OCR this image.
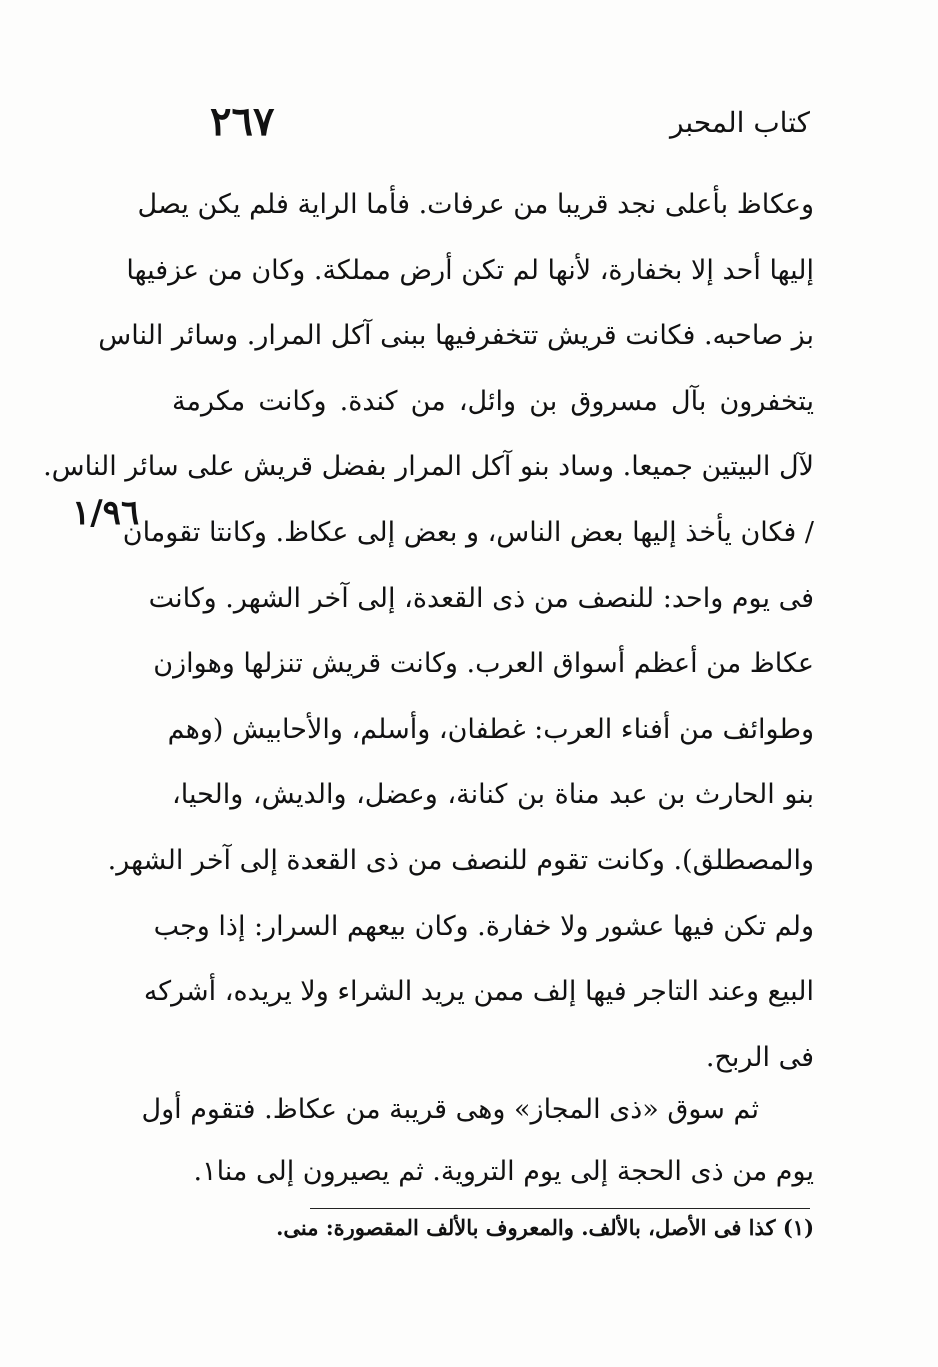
٢٦٧	كتاب المحبر
١/٩٦
وعكاظ بأعلى نجد قريبا من عرفات. فأما الراية فلم يكن يصل
إليها أحد إلا بخفارة، لأنها لم تكن أرض مملكة. وكان من عزفيها
بز صاحبه. فكانت قريش تتخفرفيها ببنى آكل المرار. وسائر الناس
يتخفرون بآل مسروق بن وائل، من كندة. وكانت مكرمة
لآل البيتين جميعا. وساد بنو آكل المرار بفضل قريش على سائر الناس.
/ فكان يأخذ إليها بعض الناس، و بعض إلى عكاظ. وكانتا تقومان
فى يوم واحد: للنصف من ذى القعدة، إلى آخر الشهر. وكانت
عكاظ من أعظم أسواق العرب. وكانت قريش تنزلها وهوازن
وطوائف من أفناء العرب: غطفان، وأسلم، والأحابيش (وهم
بنو الحارث بن عبد مناة بن كنانة، وعضل، والديش، والحيا،
والمصطلق). وكانت تقوم للنصف من ذى القعدة إلى آخر الشهر.
ولم تكن فيها عشور ولا خفارة. وكان بيعهم السرار: إذا وجب
البيع وعند التاجر فيها إلف ممن يريد الشراء ولا يريده، أشركه
فى الربح.
ثم سوق «ذى المجاز» وهى قريبة من عكاظ. فتقوم أول
يوم من ذى الحجة إلى يوم التروية. ثم يصيرون إلى منا١.
(١) كذا فى الأصل، بالألف. والمعروف بالألف المقصورة: منى.
